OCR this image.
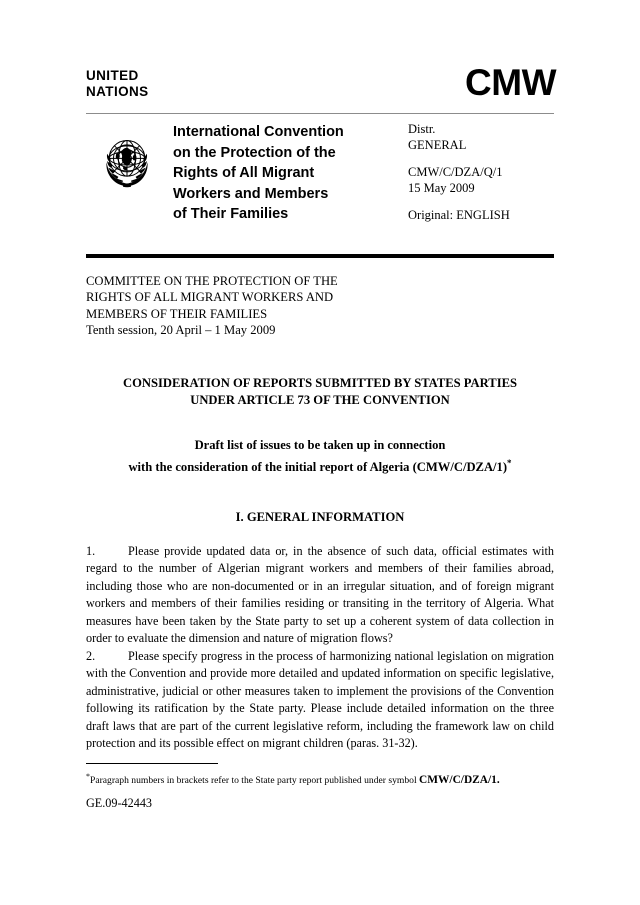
UNITED
NATIONS	CMW
International Convention
on the Protection of the
Rights of All Migrant
Workers and Members
of Their Families
Distr.
GENERAL
CMW/C/DZA/Q/1
15 May 2009
Original: ENGLISH
COMMITTEE ON THE PROTECTION OF THE
RIGHTS OF ALL MIGRANT WORKERS AND
MEMBERS OF THEIR FAMILIES
Tenth session, 20 April – 1 May 2009
CONSIDERATION OF REPORTS SUBMITTED BY STATES PARTIES
UNDER ARTICLE 73 OF THE CONVENTION
Draft list of issues to be taken up in connection
with the consideration of the initial report of Algeria (CMW/C/DZA/1)*
I. GENERAL INFORMATION
1.	Please provide updated data or, in the absence of such data, official estimates with regard to the number of Algerian migrant workers and members of their families abroad, including those who are non-documented or in an irregular situation, and of foreign migrant workers and members of their families residing or transiting in the territory of Algeria. What measures have been taken by the State party to set up a coherent system of data collection in order to evaluate the dimension and nature of migration flows?
2.	Please specify progress in the process of harmonizing national legislation on migration with the Convention and provide more detailed and updated information on specific legislative, administrative, judicial or other measures taken to implement the provisions of the Convention following its ratification by the State party. Please include detailed information on the three draft laws that are part of the current legislative reform, including the framework law on child protection and its possible effect on migrant children (paras. 31-32).
*Paragraph numbers in brackets refer to the State party report published under symbol CMW/C/DZA/1.
GE.09-42443
